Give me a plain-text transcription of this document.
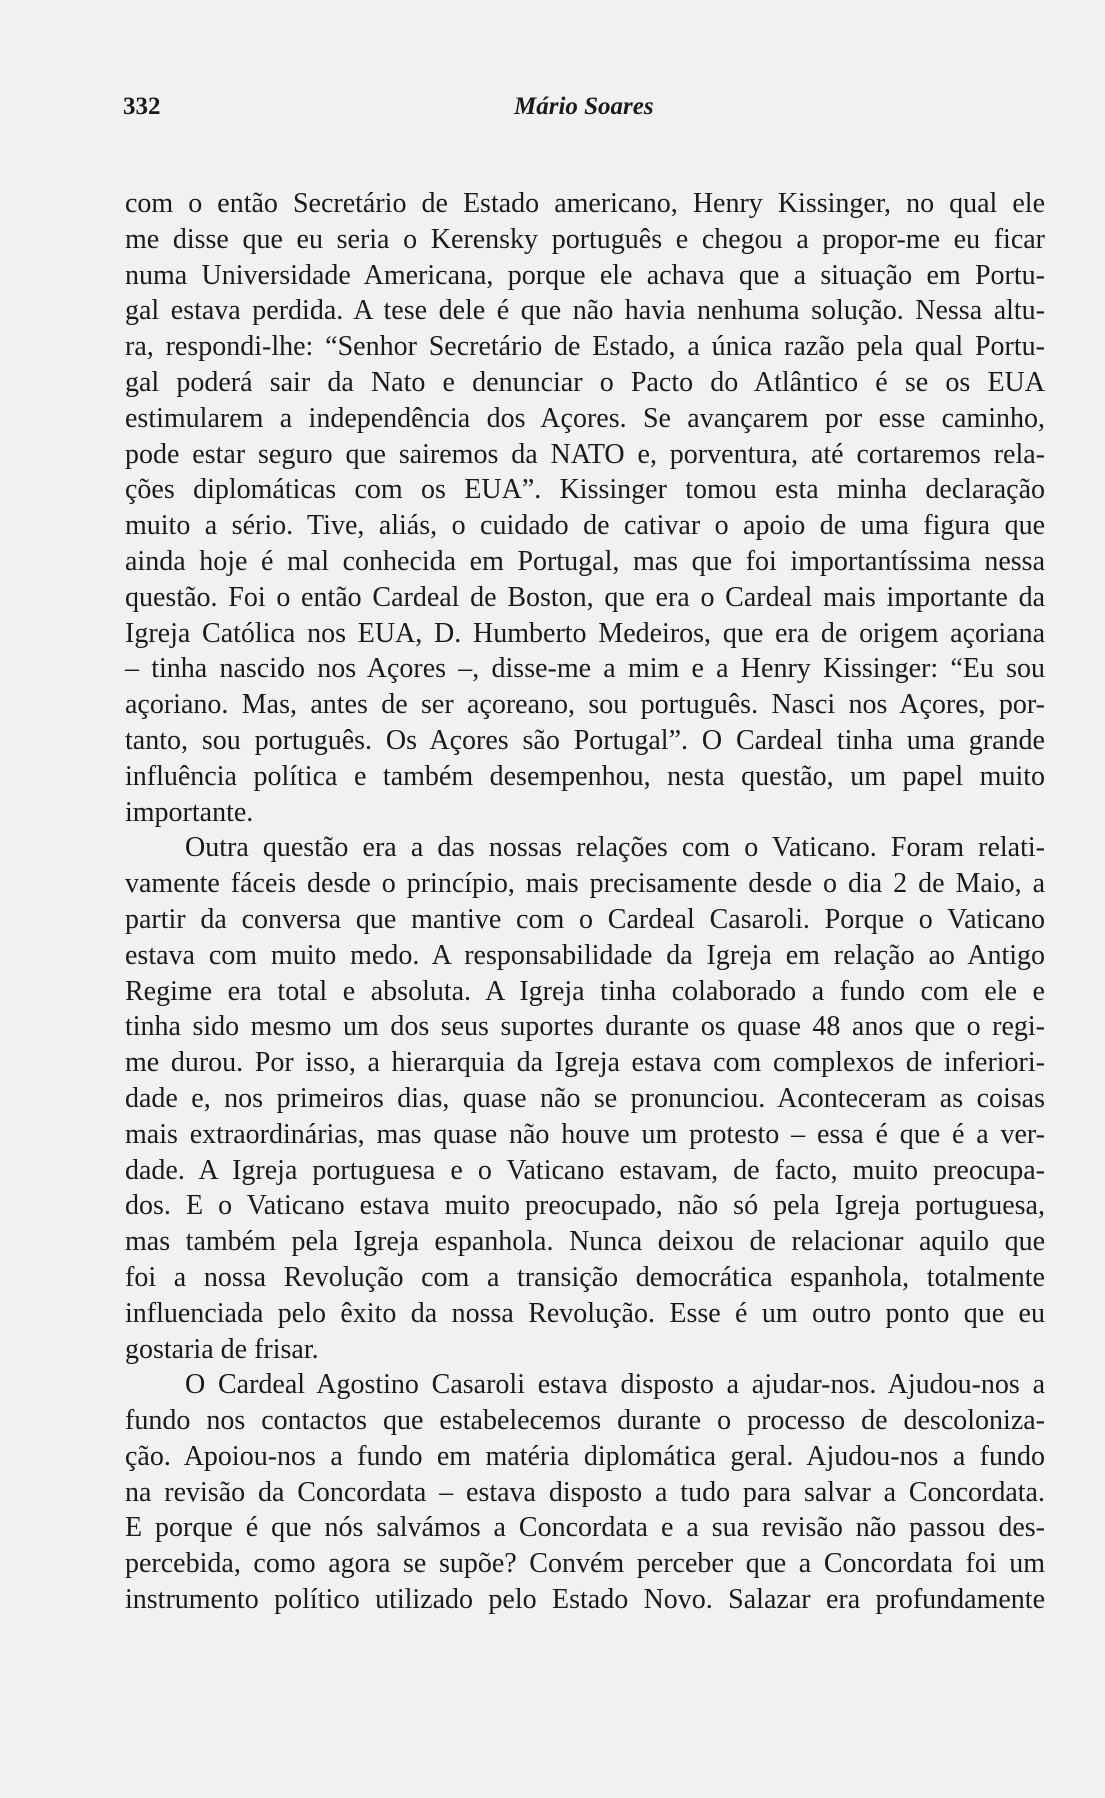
332	Mário Soares
com o então Secretário de Estado americano, Henry Kissinger, no qual ele
me disse que eu seria o Kerensky português e chegou a propor-me eu ficar
numa Universidade Americana, porque ele achava que a situação em Portu-
gal estava perdida. A tese dele é que não havia nenhuma solução. Nessa altu-
ra, respondi-lhe: “Senhor Secretário de Estado, a única razão pela qual Portu-
gal poderá sair da Nato e denunciar o Pacto do Atlântico é se os EUA
estimularem a independência dos Açores. Se avançarem por esse caminho,
pode estar seguro que sairemos da NATO e, porventura, até cortaremos rela-
ções diplomáticas com os EUA”. Kissinger tomou esta minha declaração
muito a sério. Tive, aliás, o cuidado de cativar o apoio de uma figura que
ainda hoje é mal conhecida em Portugal, mas que foi importantíssima nessa
questão. Foi o então Cardeal de Boston, que era o Cardeal mais importante da
Igreja Católica nos EUA, D. Humberto Medeiros, que era de origem açoriana
– tinha nascido nos Açores –, disse-me a mim e a Henry Kissinger: “Eu sou
açoriano. Mas, antes de ser açoreano, sou português. Nasci nos Açores, por-
tanto, sou português. Os Açores são Portugal”. O Cardeal tinha uma grande
influência política e também desempenhou, nesta questão, um papel muito
importante.
Outra questão era a das nossas relações com o Vaticano. Foram relati-
vamente fáceis desde o princípio, mais precisamente desde o dia 2 de Maio, a
partir da conversa que mantive com o Cardeal Casaroli. Porque o Vaticano
estava com muito medo. A responsabilidade da Igreja em relação ao Antigo
Regime era total e absoluta. A Igreja tinha colaborado a fundo com ele e
tinha sido mesmo um dos seus suportes durante os quase 48 anos que o regi-
me durou. Por isso, a hierarquia da Igreja estava com complexos de inferiori-
dade e, nos primeiros dias, quase não se pronunciou. Aconteceram as coisas
mais extraordinárias, mas quase não houve um protesto – essa é que é a ver-
dade. A Igreja portuguesa e o Vaticano estavam, de facto, muito preocupa-
dos. E o Vaticano estava muito preocupado, não só pela Igreja portuguesa,
mas também pela Igreja espanhola. Nunca deixou de relacionar aquilo que
foi a nossa Revolução com a transição democrática espanhola, totalmente
influenciada pelo êxito da nossa Revolução. Esse é um outro ponto que eu
gostaria de frisar.
O Cardeal Agostino Casaroli estava disposto a ajudar-nos. Ajudou-nos a
fundo nos contactos que estabelecemos durante o processo de descoloniza-
ção. Apoiou-nos a fundo em matéria diplomática geral. Ajudou-nos a fundo
na revisão da Concordata – estava disposto a tudo para salvar a Concordata.
E porque é que nós salvámos a Concordata e a sua revisão não passou des-
percebida, como agora se supõe? Convém perceber que a Concordata foi um
instrumento político utilizado pelo Estado Novo. Salazar era profundamente
